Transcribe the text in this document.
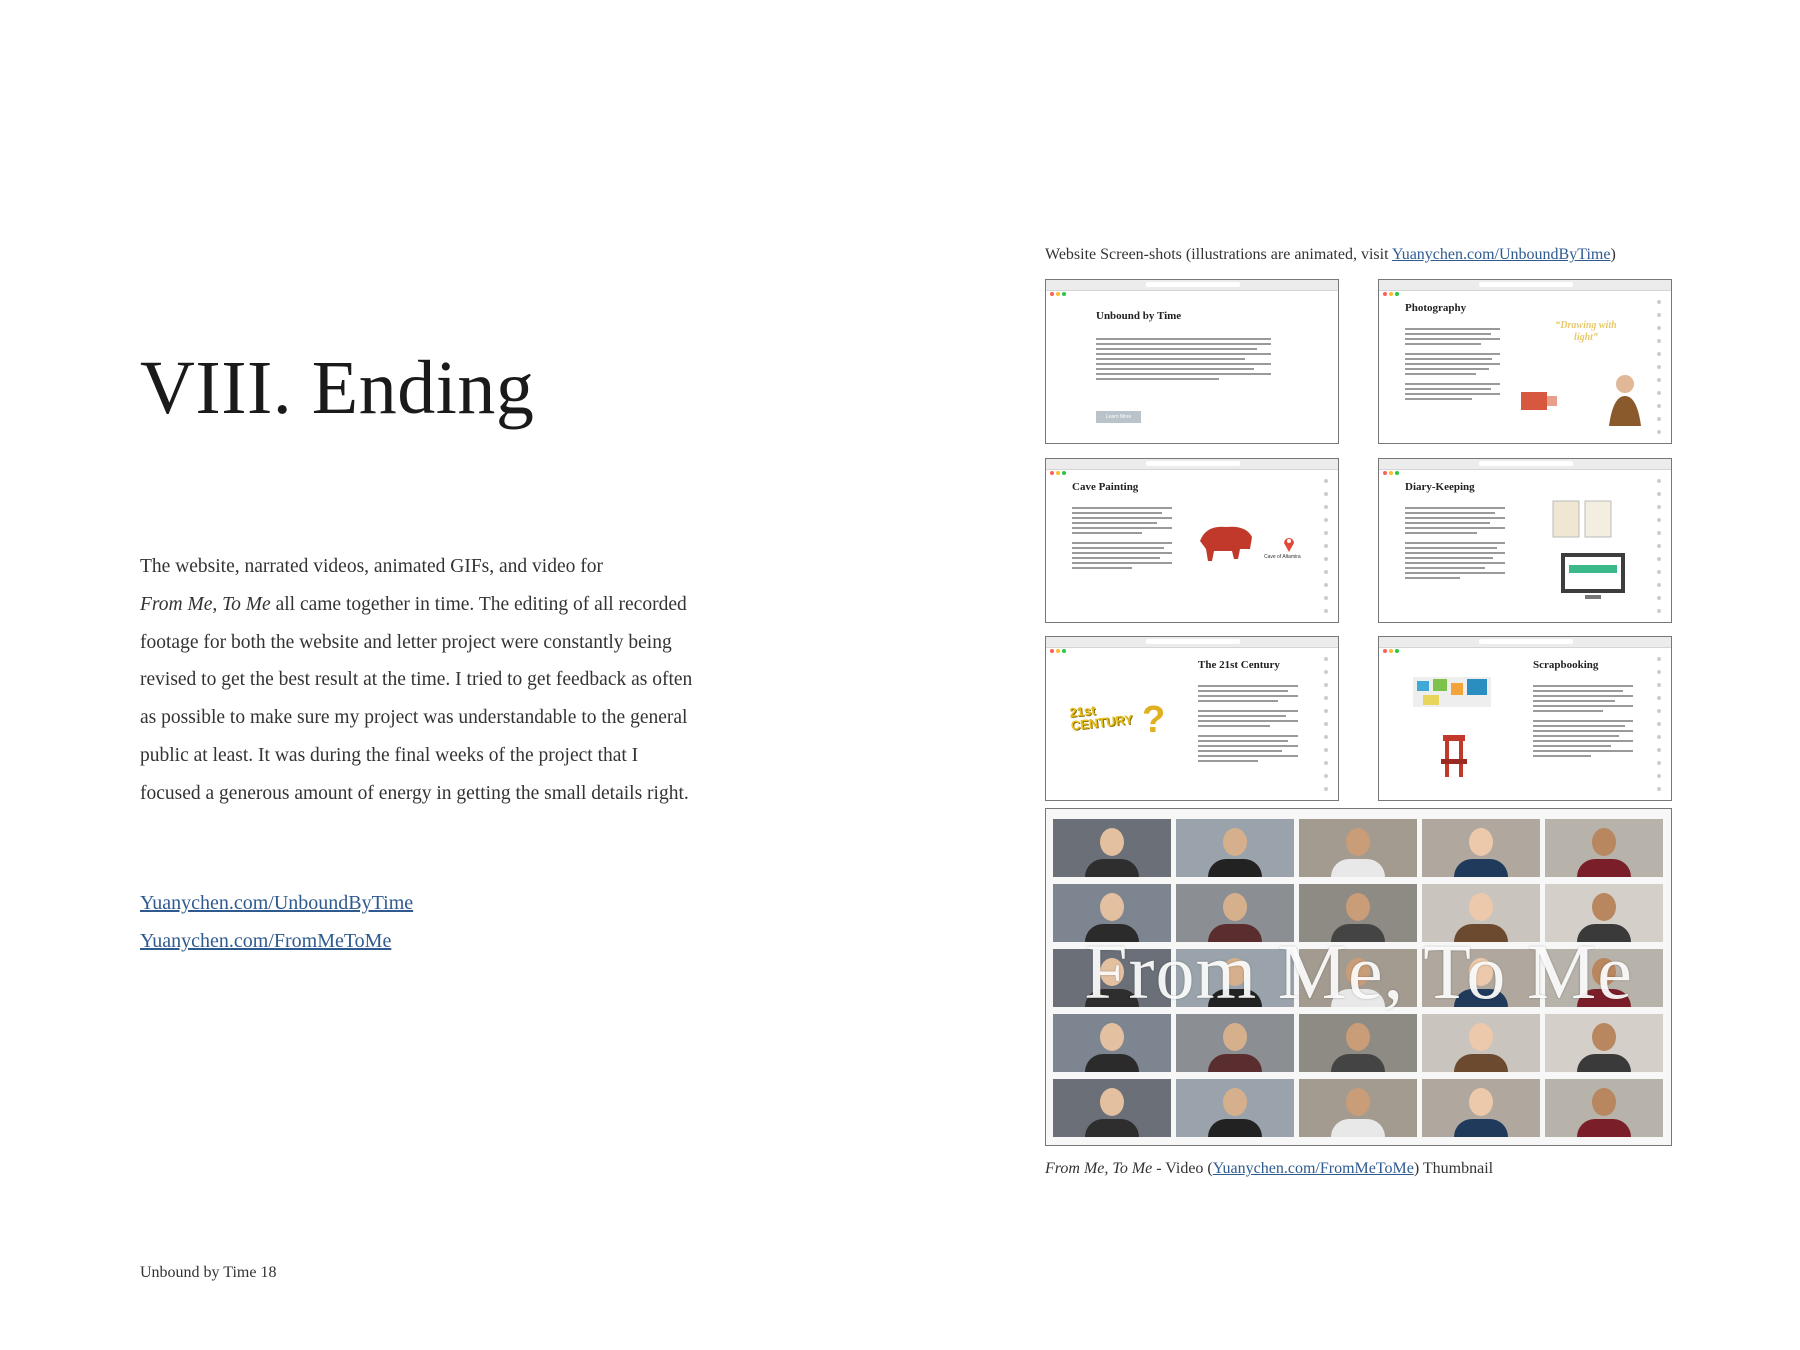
VIII. Ending

The website, narrated videos, animated GIFs, and video for
From Me, To Me all came together in time. The editing of all recorded footage for both the website and letter project were constantly being revised to get the best result at the time. I tried to get feedback as often as possible to make sure my project was understandable to the general public at least. It was during the final weeks of the project that I focused a generous amount of energy in getting the small details right.

Yuanychen.com/UnboundByTime
Yuanychen.com/FromMeToMe
Unbound by Time 18
Website Screen-shots (illustrations are animated, visit Yuanychen.com/UnboundByTime)
Unbound by Time
Learn More
Photography
“Drawing with light”
Cave Painting
Cave of Altamira
Diary-Keeping
The 21st Century
21st CENTURY ?
Scrapbooking
From Me, To Me
From Me, To Me - Video (Yuanychen.com/FromMeToMe) Thumbnail
